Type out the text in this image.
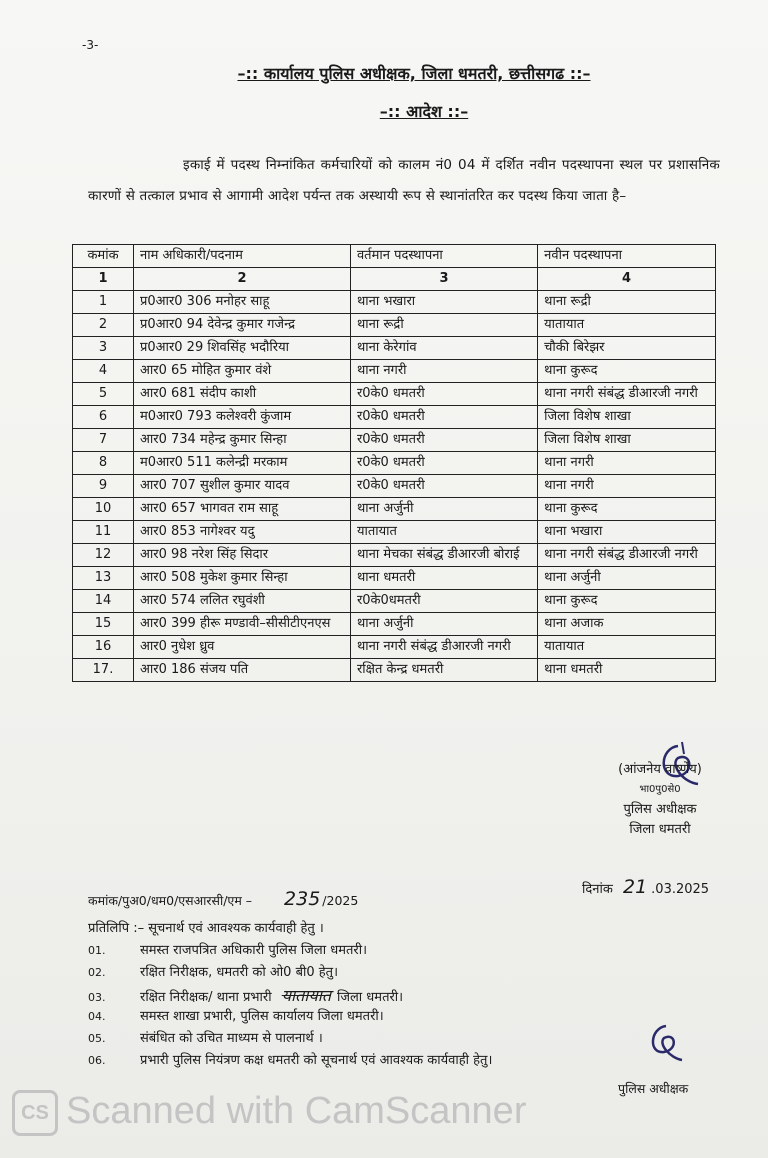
-3-
–:: कार्यालय पुलिस अधीक्षक, जिला धमतरी, छत्तीसगढ ::–
–:: आदेश ::–
इकाई में पदस्थ निम्नांकित कर्मचारियों को कालम नं0 04 में दर्शित नवीन पदस्थापना स्थल पर प्रशासनिक कारणों से तत्काल प्रभाव से आगामी आदेश पर्यन्त तक अस्थायी रूप से स्थानांतरित कर पदस्थ किया जाता है–
कमांक	नाम अधिकारी/पदनाम	वर्तमान पदस्थापना	नवीन पदस्थापना
1	2	3	4
1	प्र0आर0 306 मनोहर साहू	थाना भखारा	थाना रूद्री
2	प्र0आर0 94 देवेन्द्र कुमार गजेन्द्र	थाना रूद्री	यातायात
3	प्र0आर0 29 शिवसिंह भदौरिया	थाना केरेगांव	चौकी बिरेझर
4	आर0 65 मोहित कुमार वंशे	थाना नगरी	थाना कुरूद
5	आर0 681 संदीप काशी	र0के0 धमतरी	थाना नगरी संबंद्ध डीआरजी नगरी
6	म0आर0 793 कलेश्वरी कुंजाम	र0के0 धमतरी	जिला विशेष शाखा
7	आर0 734 महेन्द्र कुमार सिन्हा	र0के0 धमतरी	जिला विशेष शाखा
8	म0आर0 511 कलेन्द्री मरकाम	र0के0 धमतरी	थाना नगरी
9	आर0 707 सुशील कुमार यादव	र0के0 धमतरी	थाना नगरी
10	आर0 657 भागवत राम साहू	थाना अर्जुनी	थाना कुरूद
11	आर0 853 नागेश्वर यदु	यातायात	थाना भखारा
12	आर0 98 नरेश सिंह सिदार	थाना मेचका संबंद्ध डीआरजी बोराई	थाना नगरी संबंद्ध डीआरजी नगरी
13	आर0 508 मुकेश कुमार सिन्हा	थाना धमतरी	थाना अर्जुनी
14	आर0 574 ललित रघुवंशी	र0के0धमतरी	थाना कुरूद
15	आर0 399 हीरू मण्डावी–सीसीटीएनएस	थाना अर्जुनी	थाना अजाक
16	आर0 नुधेश ध्रुव	थाना नगरी संबंद्ध डीआरजी नगरी	यातायात
17.	आर0 186 संजय पति	रक्षित केन्द्र धमतरी	थाना धमतरी
(आंजनेय वार्ष्णेय)
भा0पु0से0
पुलिस अधीक्षक
जिला धमतरी
कमांक/पुअ0/धम0/एसआरसी/एम – 235 /2025
दिनांक 21 .03.2025
प्रतिलिपि :– सूचनार्थ एवं आवश्यक कार्यवाही हेतु ।
01.	समस्त राजपत्रित अधिकारी पुलिस जिला धमतरी।
02.	रक्षित निरीक्षक, धमतरी को ओ0 बी0 हेतु।
03.	रक्षित निरीक्षक/ थाना प्रभारी यातायात जिला धमतरी।
04.	समस्त शाखा प्रभारी, पुलिस कार्यालय जिला धमतरी।
05.	संबंधित को उचित माध्यम से पालनार्थ ।
06.	प्रभारी पुलिस नियंत्रण कक्ष धमतरी को सूचनार्थ एवं आवश्यक कार्यवाही हेतु।
पुलिस अधीक्षक
CS Scanned with CamScanner
